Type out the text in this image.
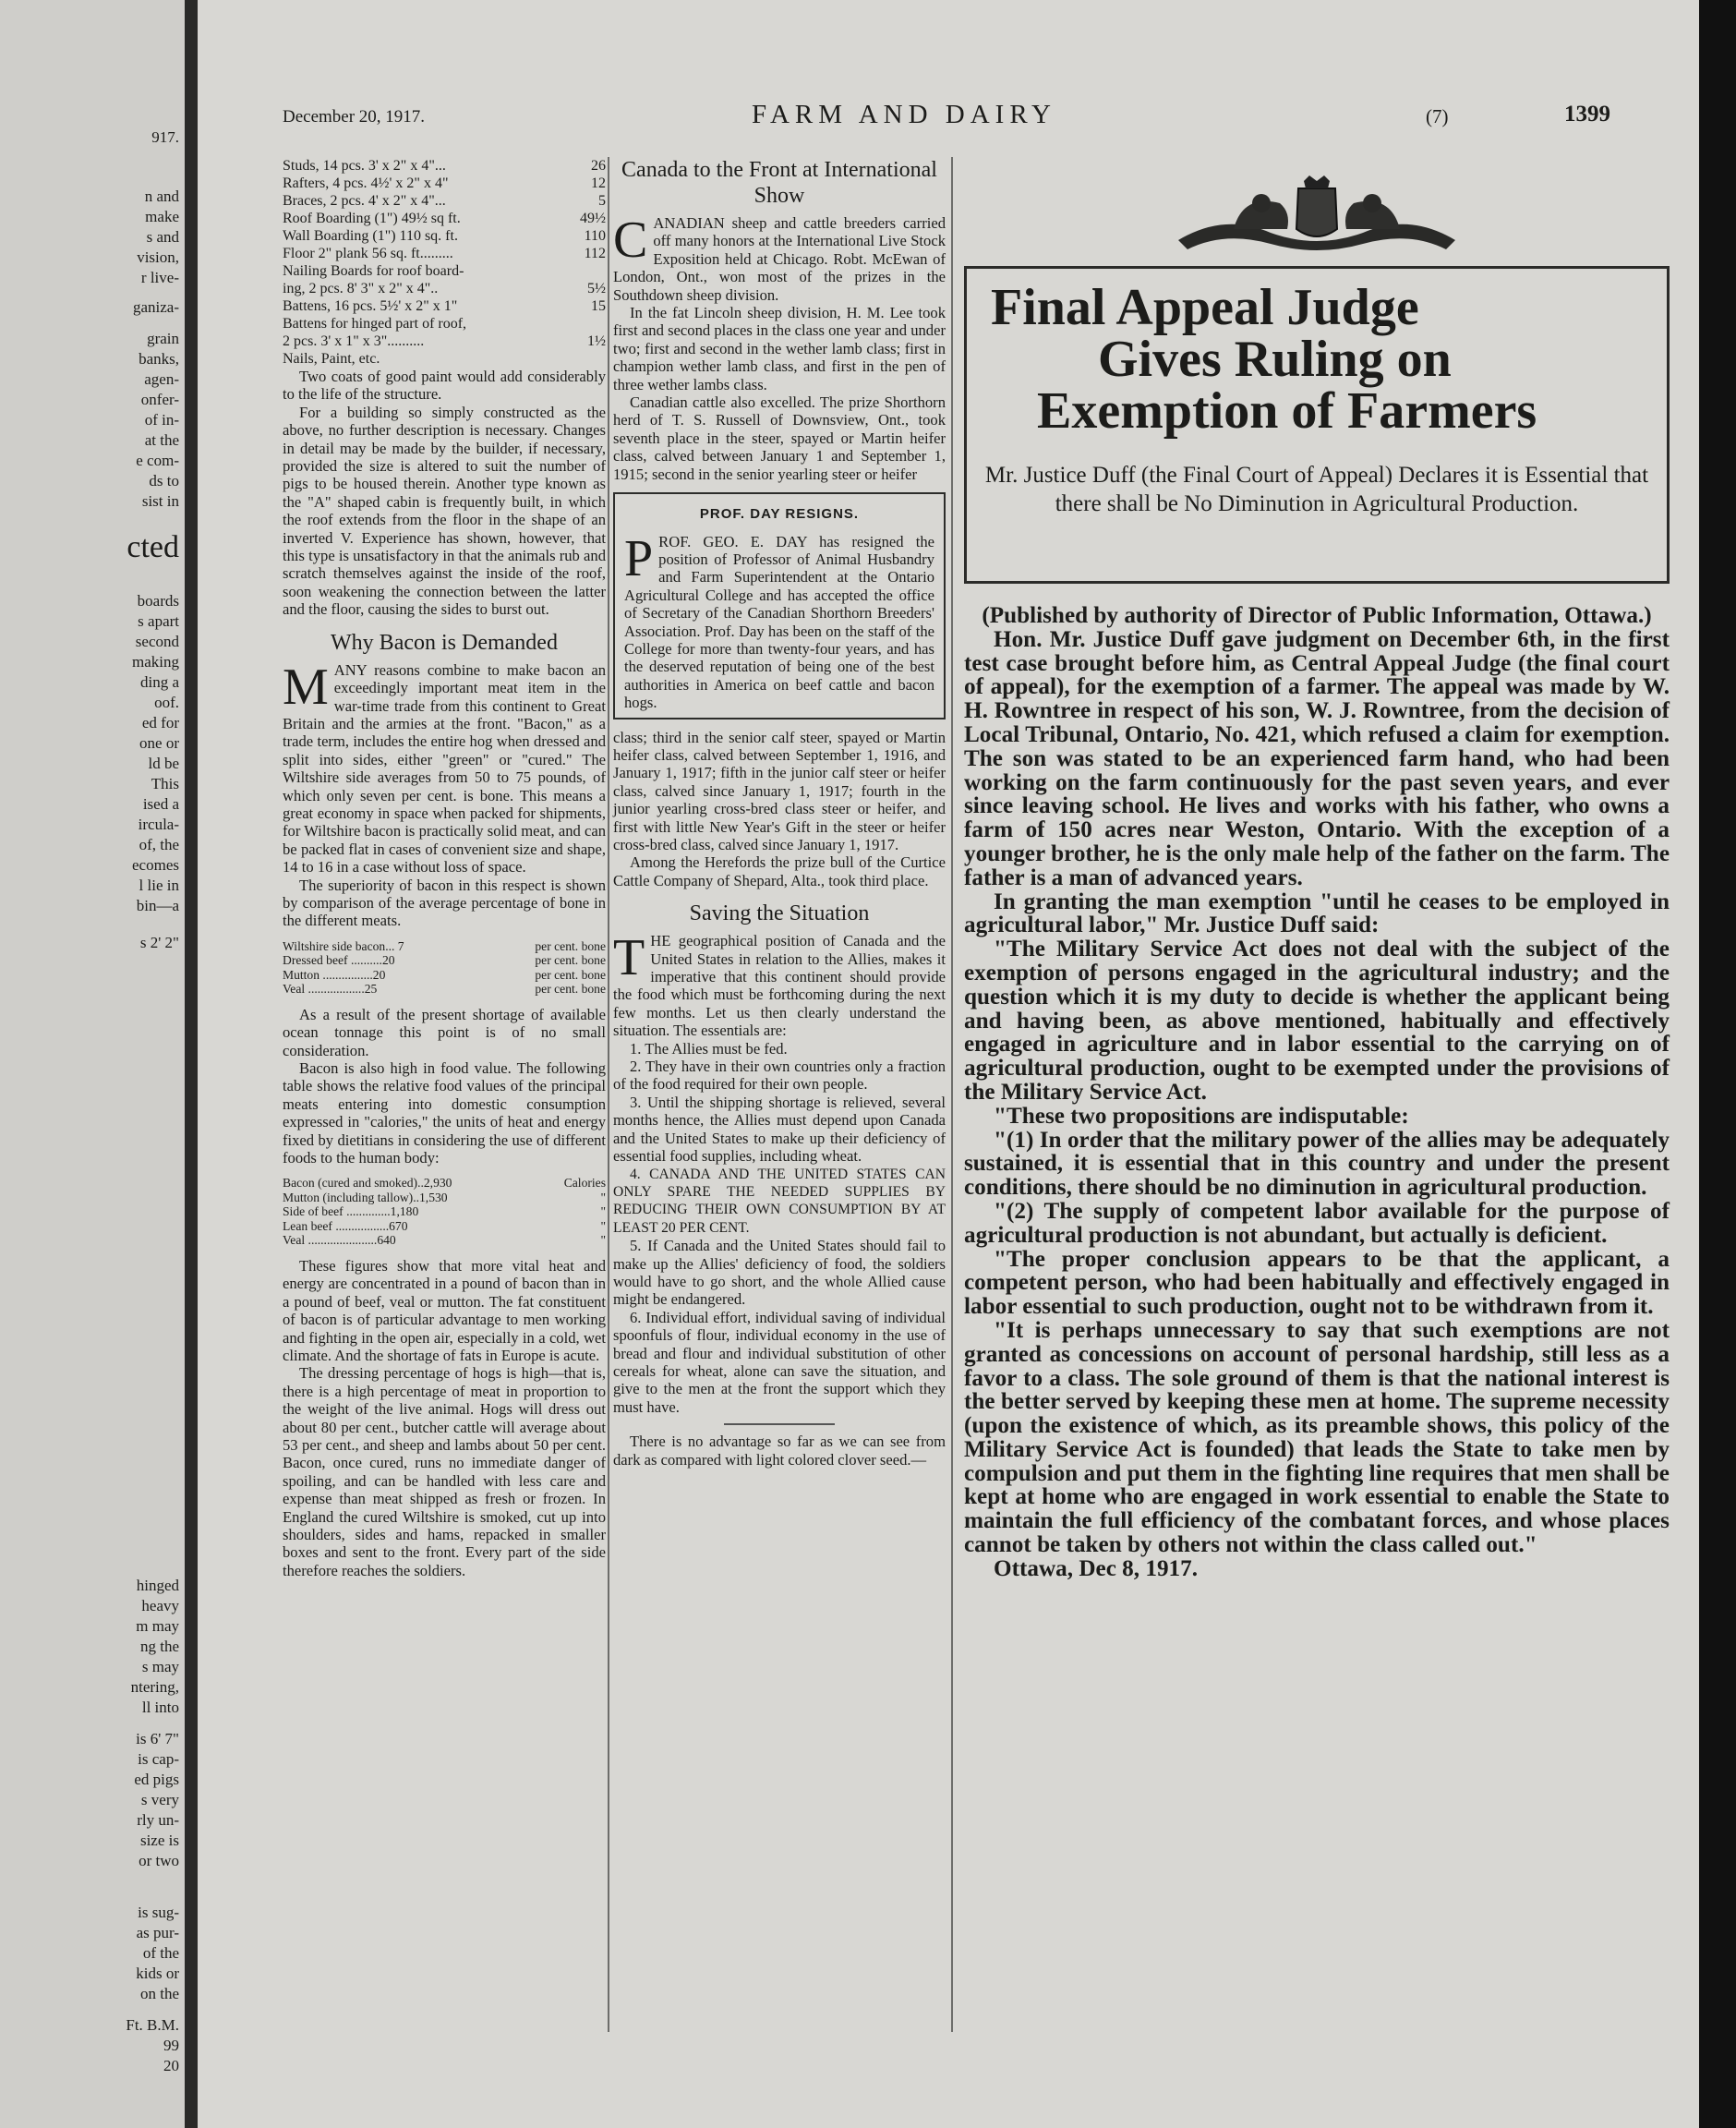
917.
n and
make
s and
vision,
r live-
ganiza-
grain
banks,
agen-
onfer-
of in-
at the
e com-
ds to
sist in
cted
boards
s apart
second
making
ding a
oof.
ed for
one or
ld be
This
ised a
ircula-
of, the
ecomes
l lie in
bin—a
s 2' 2"
hinged
heavy
m may
ng the
s may
ntering,
ll into
is 6' 7"
is cap-
ed pigs
s very
rly un-
size is
or two
is sug-
as pur-
of the
kids or
on the
Ft. B.M.
99
20
December 20, 1917.	FARM AND DAIRY	(7)	1399
Studs, 14 pcs. 3' x 2" x 4"...	26
Rafters, 4 pcs. 4½' x 2" x 4"	12
Braces, 2 pcs. 4' x 2" x 4"...	5
Roof Boarding (1") 49½ sq ft.	49½
Wall Boarding (1") 110 sq. ft.	110
Floor 2" plank 56 sq. ft.........	112
Nailing Boards for roof board-
ing, 2 pcs. 8' 3" x 2" x 4"..	5½
Battens, 16 pcs. 5½' x 2" x 1"	15
Battens for hinged part of roof,
2 pcs. 3' x 1" x 3"..........	1½
Nails, Paint, etc.

Two coats of good paint would add considerably to the life of the structure.

For a building so simply constructed as the above, no further description is necessary. Changes in detail may be made by the builder, if necessary, provided the size is altered to suit the number of pigs to be housed therein. Another type known as the "A" shaped cabin is frequently built, in which the roof extends from the floor in the shape of an inverted V. Experience has shown, however, that this type is unsatisfactory in that the animals rub and scratch themselves against the inside of the roof, soon weakening the connection between the latter and the floor, causing the sides to burst out.

Why Bacon is Demanded

MANY reasons combine to make bacon an exceedingly important meat item in the war-time trade from this continent to Great Britain and the armies at the front. "Bacon," as a trade term, includes the entire hog when dressed and split into sides, either "green" or "cured." The Wiltshire side averages from 50 to 75 pounds, of which only seven per cent. is bone. This means a great economy in space when packed for shipments, for Wiltshire bacon is practically solid meat, and can be packed flat in cases of convenient size and shape, 14 to 16 in a case without loss of space.

The superiority of bacon in this respect is shown by comparison of the average percentage of bone in the different meats.

Wiltshire side bacon... 7	per cent. bone
Dressed beef ..........20	per cent. bone
Mutton ................20	per cent. bone
Veal ..................25	per cent. bone

As a result of the present shortage of available ocean tonnage this point is of no small consideration.

Bacon is also high in food value. The following table shows the relative food values of the principal meats entering into domestic consumption expressed in "calories," the units of heat and energy fixed by dietitians in considering the use of different foods to the human body:

Bacon (cured and smoked)..2,930	Calories
Mutton (including tallow)..1,530	"
Side of beef ..............1,180	"
Lean beef .................670	"
Veal ......................640	"

These figures show that more vital heat and energy are concentrated in a pound of bacon than in a pound of beef, veal or mutton. The fat constituent of bacon is of particular advantage to men working and fighting in the open air, especially in a cold, wet climate. And the shortage of fats in Europe is acute.

The dressing percentage of hogs is high—that is, there is a high percentage of meat in proportion to the weight of the live animal. Hogs will dress out about 80 per cent., butcher cattle will average about 53 per cent., and sheep and lambs about 50 per cent. Bacon, once cured, runs no immediate danger of spoiling, and can be handled with less care and expense than meat shipped as fresh or frozen. In England the cured Wiltshire is smoked, cut up into shoulders, sides and hams, repacked in smaller boxes and sent to the front. Every part of the side therefore reaches the soldiers.

Canada to the Front at International Show

CANADIAN sheep and cattle breeders carried off many honors at the International Live Stock Exposition held at Chicago. Robt. McEwan of London, Ont., won most of the prizes in the Southdown sheep division.

In the fat Lincoln sheep division, H. M. Lee took first and second places in the class one year and under two; first and second in the wether lamb class; first in champion wether lamb class, and first in the pen of three wether lambs class.

Canadian cattle also excelled. The prize Shorthorn herd of T. S. Russell of Downsview, Ont., took seventh place in the steer, spayed or Martin heifer class, calved between January 1 and September 1, 1915; second in the senior yearling steer or heifer

PROF. DAY RESIGNS.

PROF. GEO. E. DAY has resigned the position of Professor of Animal Husbandry and Farm Superintendent at the Ontario Agricultural College and has accepted the office of Secretary of the Canadian Shorthorn Breeders' Association. Prof. Day has been on the staff of the College for more than twenty-four years, and has the deserved reputation of being one of the best authorities in America on beef cattle and bacon hogs.

class; third in the senior calf steer, spayed or Martin heifer class, calved between September 1, 1916, and January 1, 1917; fifth in the junior calf steer or heifer class, calved since January 1, 1917; fourth in the junior yearling cross-bred class steer or heifer, and first with little New Year's Gift in the steer or heifer cross-bred class, calved since January 1, 1917.

Among the Herefords the prize bull of the Curtice Cattle Company of Shepard, Alta., took third place.

Saving the Situation

THE geographical position of Canada and the United States in relation to the Allies, makes it imperative that this continent should provide the food which must be forthcoming during the next few months. Let us then clearly understand the situation. The essentials are:

1. The Allies must be fed.

2. They have in their own countries only a fraction of the food required for their own people.

3. Until the shipping shortage is relieved, several months hence, the Allies must depend upon Canada and the United States to make up their deficiency of essential food supplies, including wheat.

4. CANADA AND THE UNITED STATES CAN ONLY SPARE THE NEEDED SUPPLIES BY REDUCING THEIR OWN CONSUMPTION BY AT LEAST 20 PER CENT.

5. If Canada and the United States should fail to make up the Allies' deficiency of food, the soldiers would have to go short, and the whole Allied cause might be endangered.

6. Individual effort, individual saving of individual spoonfuls of flour, individual economy in the use of bread and flour and individual substitution of other cereals for wheat, alone can save the situation, and give to the men at the front the support which they must have.

There is no advantage so far as we can see from dark as compared with light colored clover seed.—

Final Appeal Judge
Gives Ruling on
Exemption of Farmers
Mr. Justice Duff (the Final Court of Appeal) Declares it is Essential that there shall be No Diminution in Agricultural Production.

(Published by authority of Director of Public Information, Ottawa.)

Hon. Mr. Justice Duff gave judgment on December 6th, in the first test case brought before him, as Central Appeal Judge (the final court of appeal), for the exemption of a farmer. The appeal was made by W. H. Rowntree in respect of his son, W. J. Rowntree, from the decision of Local Tribunal, Ontario, No. 421, which refused a claim for exemption. The son was stated to be an experienced farm hand, who had been working on the farm continuously for the past seven years, and ever since leaving school. He lives and works with his father, who owns a farm of 150 acres near Weston, Ontario. With the exception of a younger brother, he is the only male help of the father on the farm. The father is a man of advanced years.

In granting the man exemption "until he ceases to be employed in agricultural labor," Mr. Justice Duff said:

"The Military Service Act does not deal with the subject of the exemption of persons engaged in the agricultural industry; and the question which it is my duty to decide is whether the applicant being and having been, as above mentioned, habitually and effectively engaged in agriculture and in labor essential to the carrying on of agricultural production, ought to be exempted under the provisions of the Military Service Act.

"These two propositions are indisputable:

"(1) In order that the military power of the allies may be adequately sustained, it is essential that in this country and under the present conditions, there should be no diminution in agricultural production.

"(2) The supply of competent labor available for the purpose of agricultural production is not abundant, but actually is deficient.

"The proper conclusion appears to be that the applicant, a competent person, who had been habitually and effectively engaged in labor essential to such production, ought not to be withdrawn from it.

"It is perhaps unnecessary to say that such exemptions are not granted as concessions on account of personal hardship, still less as a favor to a class. The sole ground of them is that the national interest is the better served by keeping these men at home. The supreme necessity (upon the existence of which, as its preamble shows, this policy of the Military Service Act is founded) that leads the State to take men by compulsion and put them in the fighting line requires that men shall be kept at home who are engaged in work essential to enable the State to maintain the full efficiency of the combatant forces, and whose places cannot be taken by others not within the class called out."

Ottawa, Dec 8, 1917.
